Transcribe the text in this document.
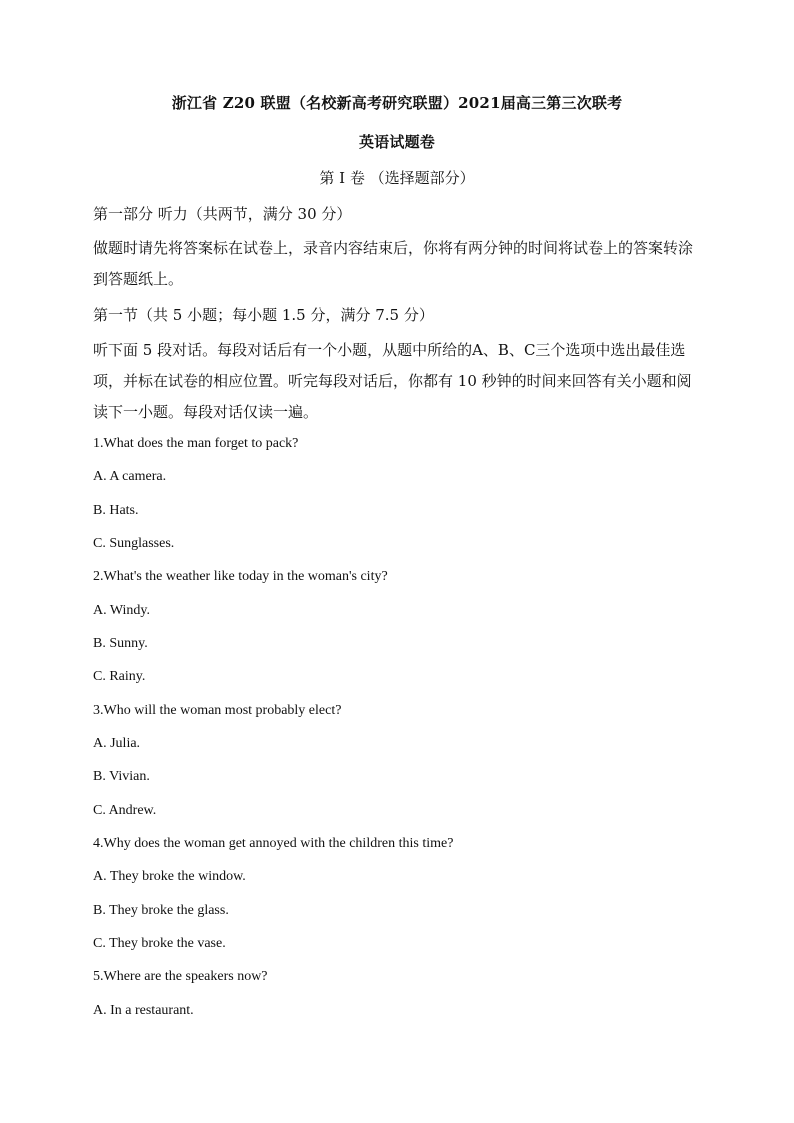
浙江省 Z20 联盟（名校新高考研究联盟）2021届高三第三次联考
英语试题卷
第 I 卷 （选择题部分）
第一部分 听力（共两节，满分 30 分）
做题时请先将答案标在试卷上，录音内容结束后，你将有两分钟的时间将试卷上的答案转涂到答题纸上。
第一节（共 5 小题；每小题 1.5 分，满分 7.5 分）
听下面 5 段对话。每段对话后有一个小题，从题中所给的A、B、C三个选项中选出最佳选项，并标在试卷的相应位置。听完每段对话后，你都有 10 秒钟的时间来回答有关小题和阅读下一小题。每段对话仅读一遍。
1.What does the man forget to pack?
A. A camera.
B. Hats.
C. Sunglasses.
2.What's the weather like today in the woman's city?
A. Windy.
B. Sunny.
C. Rainy.
3.Who will the woman most probably elect?
A. Julia.
B. Vivian.
C. Andrew.
4.Why does the woman get annoyed with the children this time?
A. They broke the window.
B. They broke the glass.
C. They broke the vase.
5.Where are the speakers now?
A. In a restaurant.
